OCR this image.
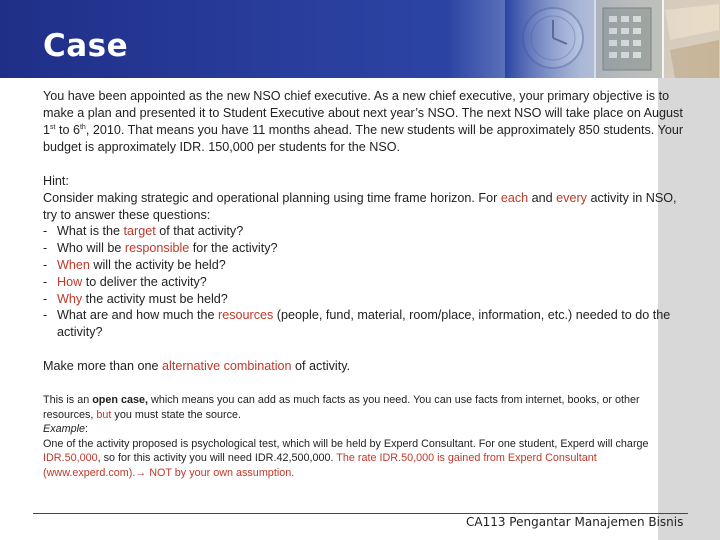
Case

You have been appointed as the new NSO chief executive. As a new chief executive, your primary objective is to make a plan and presented it to Student Executive about next year’s NSO. The next NSO will take place on August 1st to 6th, 2010. That means you have 11 months ahead. The new students will be approximately 850 students. Your budget is approximately IDR. 150,000 per students for the NSO.

Hint:
Consider making strategic and operational planning using time frame horizon. For each and every activity in NSO, try to answer these questions:
- What is the target of that activity?
- Who will be responsible for the activity?
- When will the activity be held?
- How to deliver the activity?
- Why the activity must be held?
- What are and how much the resources (people, fund, material, room/place, information, etc.) needed to do the activity?
Make more than one alternative combination of activity.
This is an open case, which means you can add as much facts as you need. You can use facts from internet, books, or other resources, but you must state the source.
Example:
One of the activity proposed is psychological test, which will be held by Experd Consultant. For one student, Experd will charge IDR.50,000, so for this activity you will need IDR.42,500,000. The rate IDR.50,000 is gained from Experd Consultant (www.experd.com).→ NOT by your own assumption.
CA113 Pengantar Manajemen Bisnis
